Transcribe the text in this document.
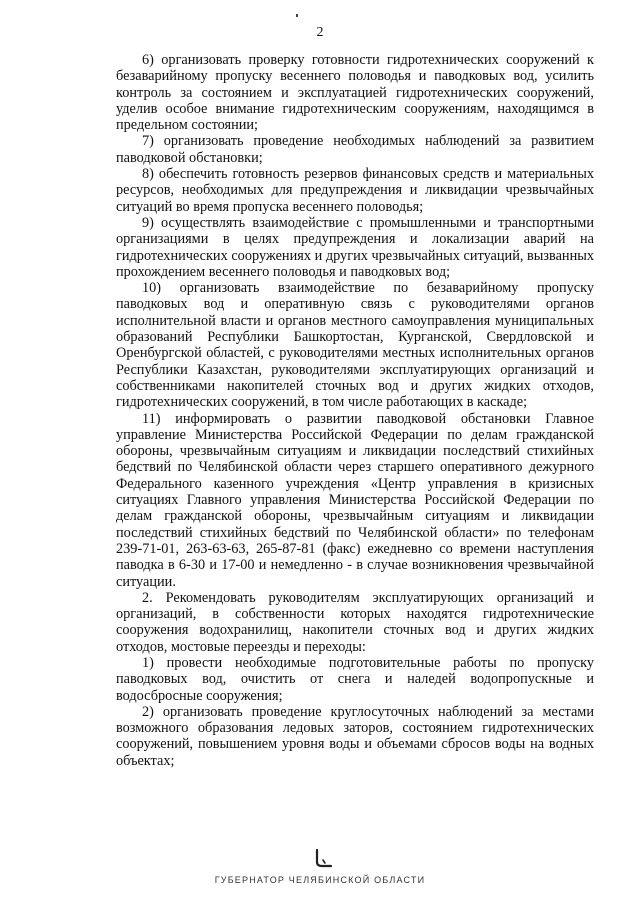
2

6) организовать проверку готовности гидротехнических сооружений к безаварийному пропуску весеннего половодья и паводковых вод, усилить контроль за состоянием и эксплуатацией гидротехнических сооружений, уделив особое внимание гидротехническим сооружениям, находящимся в предельном состоянии;

7) организовать проведение необходимых наблюдений за развитием паводковой обстановки;

8) обеспечить готовность резервов финансовых средств и материальных ресурсов, необходимых для предупреждения и ликвидации чрезвычайных ситуаций во время пропуска весеннего половодья;

9) осуществлять взаимодействие с промышленными и транспортными организациями в целях предупреждения и локализации аварий на гидротехнических сооружениях и других чрезвычайных ситуаций, вызванных прохождением весеннего половодья и паводковых вод;

10) организовать взаимодействие по безаварийному пропуску паводковых вод и оперативную связь с руководителями органов исполнительной власти и органов местного самоуправления муниципальных образований Республики Башкортостан, Курганской, Свердловской и Оренбургской областей, с руководителями местных исполнительных органов Республики Казахстан, руководителями эксплуатирующих организаций и собственниками накопителей сточных вод и других жидких отходов, гидротехнических сооружений, в том числе работающих в каскаде;

11) информировать о развитии паводковой обстановки Главное управление Министерства Российской Федерации по делам гражданской обороны, чрезвычайным ситуациям и ликвидации последствий стихийных бедствий по Челябинской области через старшего оперативного дежурного Федерального казенного учреждения «Центр управления в кризисных ситуациях Главного управления Министерства Российской Федерации по делам гражданской обороны, чрезвычайным ситуациям и ликвидации последствий стихийных бедствий по Челябинской области» по телефонам 239-71-01, 263-63-63, 265-87-81 (факс) ежедневно со времени наступления паводка в 6-30 и 17-00 и немедленно - в случае возникновения чрезвычайной ситуации.

2. Рекомендовать руководителям эксплуатирующих организаций и организаций, в собственности которых находятся гидротехнические сооружения водохранилищ, накопители сточных вод и других жидких отходов, мостовые переезды и переходы:

1) провести необходимые подготовительные работы по пропуску паводковых вод, очистить от снега и наледей водопропускные и водосбросные сооружения;

2) организовать проведение круглосуточных наблюдений за местами возможного образования ледовых заторов, состоянием гидротехнических сооружений, повышением уровня воды и объемами сбросов воды на водных объектах;

ГУБЕРНАТОР ЧЕЛЯБИНСКОЙ ОБЛАСТИ
